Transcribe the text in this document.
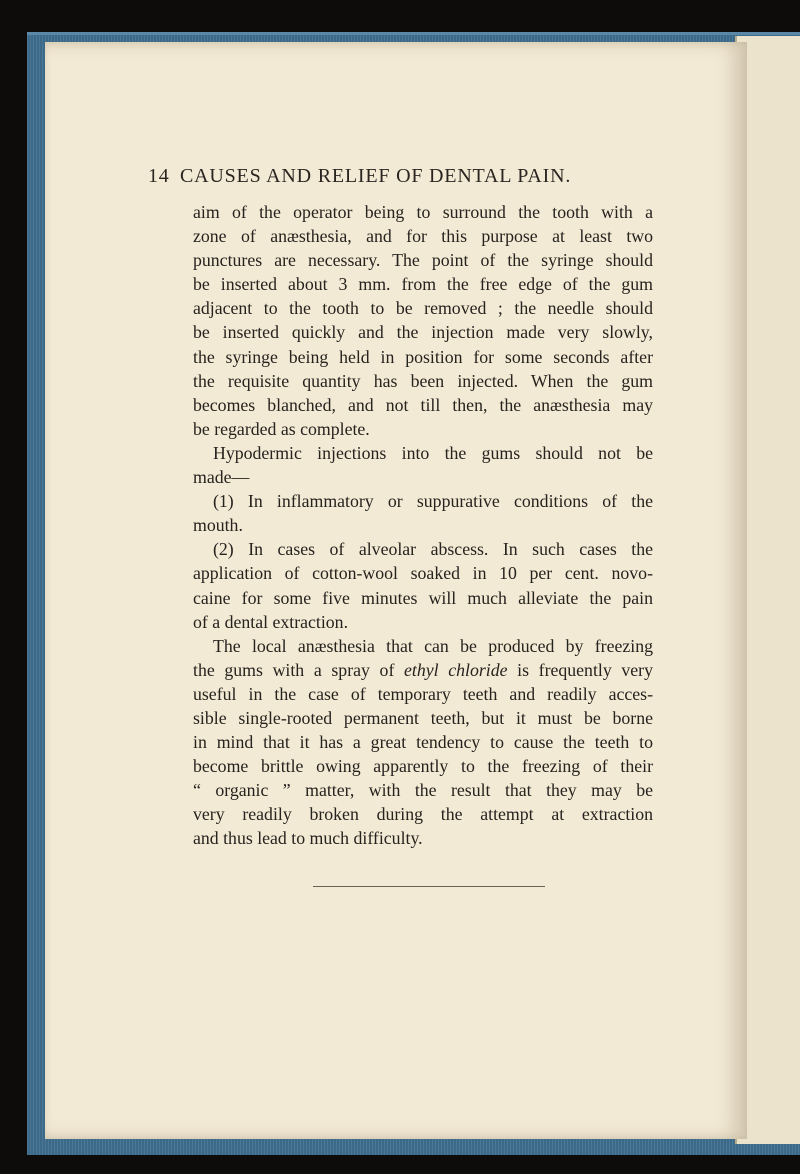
14 CAUSES AND RELIEF OF DENTAL PAIN.
aim of the operator being to surround the tooth with a
zone of anæsthesia, and for this purpose at least two
punctures are necessary. The point of the syringe should
be inserted about 3 mm. from the free edge of the gum
adjacent to the tooth to be removed ; the needle should
be inserted quickly and the injection made very slowly,
the syringe being held in position for some seconds after
the requisite quantity has been injected. When the gum
becomes blanched, and not till then, the anæsthesia may
be regarded as complete.
Hypodermic injections into the gums should not be
made—
(1) In inflammatory or suppurative conditions of the
mouth.
(2) In cases of alveolar abscess. In such cases the
application of cotton-wool soaked in 10 per cent. novo-
caine for some five minutes will much alleviate the pain
of a dental extraction.
The local anæsthesia that can be produced by freezing
the gums with a spray of ethyl chloride is frequently very
useful in the case of temporary teeth and readily acces-
sible single-rooted permanent teeth, but it must be borne
in mind that it has a great tendency to cause the teeth to
become brittle owing apparently to the freezing of their
“ organic ” matter, with the result that they may be
very readily broken during the attempt at extraction
and thus lead to much difficulty.
